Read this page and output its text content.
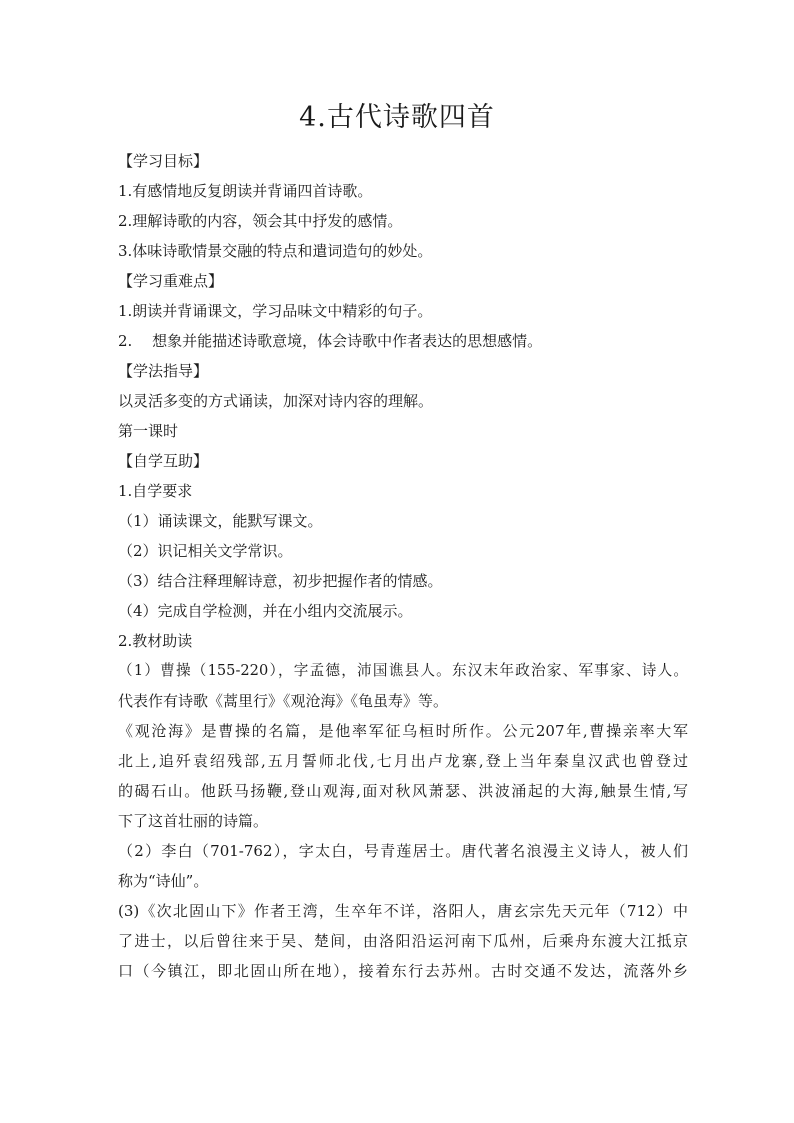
4.古代诗歌四首
【学习目标】
1.有感情地反复朗读并背诵四首诗歌。
2.理解诗歌的内容，领会其中抒发的感情。
3.体味诗歌情景交融的特点和遣词造句的妙处。
【学习重难点】
1.朗读并背诵课文，学习品味文中精彩的句子。
2.　 想象并能描述诗歌意境，体会诗歌中作者表达的思想感情。
【学法指导】
以灵活多变的方式诵读，加深对诗内容的理解。
第一课时
【自学互助】
1.自学要求
（1）诵读课文，能默写课文。
（2）识记相关文学常识。
（3）结合注释理解诗意，初步把握作者的情感。
（4）完成自学检测，并在小组内交流展示。
2.教材助读
（1）曹操（155-220），字孟德，沛国谯县人。东汉末年政治家、军事家、诗人。
代表作有诗歌《蒿里行》《观沧海》《龟虽寿》等。
《观沧海》是曹操的名篇，是他率军征乌桓时所作。公元207年,曹操亲率大军
北上,追歼袁绍残部,五月誓师北伐,七月出卢龙寨,登上当年秦皇汉武也曾登过
的碣石山。他跃马扬鞭,登山观海,面对秋风萧瑟、洪波涌起的大海,触景生情,写
下了这首壮丽的诗篇。
（2）李白（701-762），字太白，号青莲居士。唐代著名浪漫主义诗人，被人们
称为“诗仙”。
(3)《次北固山下》作者王湾，生卒年不详，洛阳人，唐玄宗先天元年（712）中
了进士，以后曾往来于吴、楚间，由洛阳沿运河南下瓜州，后乘舟东渡大江抵京
口（今镇江，即北固山所在地），接着东行去苏州。古时交通不发达，流落外乡
